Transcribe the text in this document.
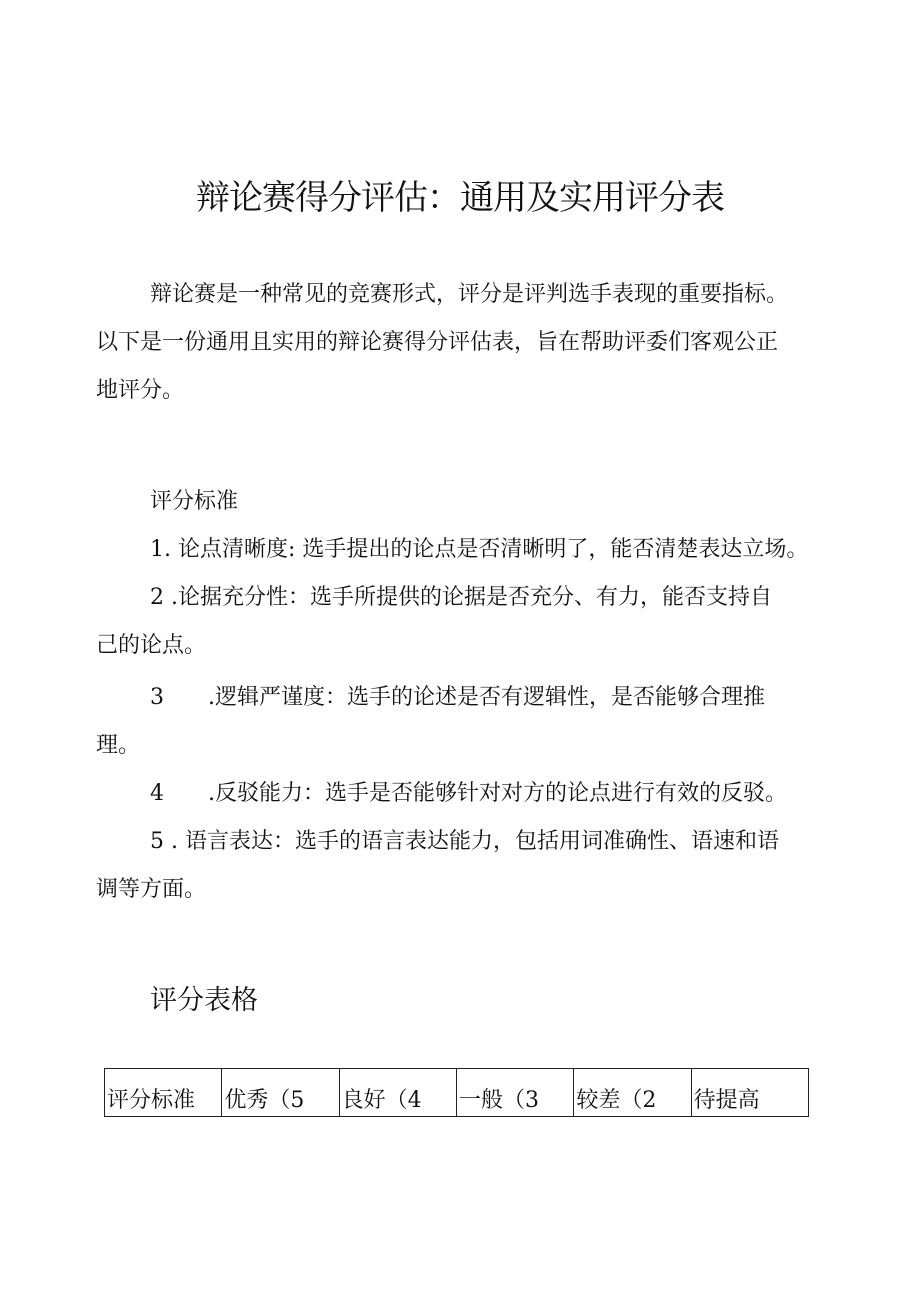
辩论赛得分评估：通用及实用评分表

辩论赛是一种常见的竞赛形式，评分是评判选手表现的重要指标。

以下是一份通用且实用的辩论赛得分评估表，旨在帮助评委们客观公正

地评分。

评分标准

1. 论点清晰度: 选手提出的论点是否清晰明了，能否清楚表达立场。

2 .论据充分性：选手所提供的论据是否充分、有力，能否支持自

己的论点。

3 .逻辑严谨度：选手的论述是否有逻辑性，是否能够合理推

理。

4 .反驳能力：选手是否能够针对对方的论点进行有效的反驳。

5 . 语言表达：选手的语言表达能力，包括用词准确性、语速和语

调等方面。

评分表格
评分标准	优秀（5	良好（4	一般（3	较差（2	待提高
